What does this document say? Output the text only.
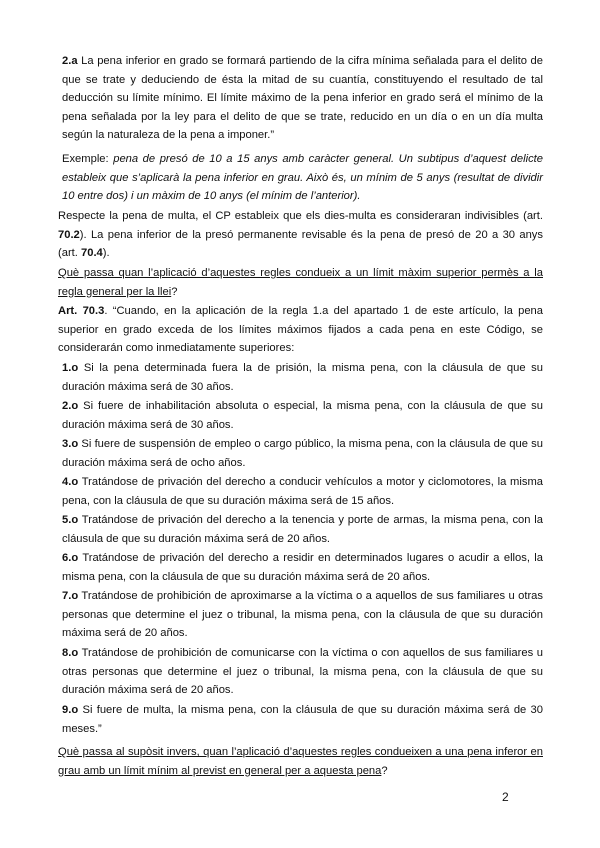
2.a La pena inferior en grado se formará partiendo de la cifra mínima señalada para el delito de que se trate y deduciendo de ésta la mitad de su cuantía, constituyendo el resultado de tal deducción su límite mínimo. El límite máximo de la pena inferior en grado será el mínimo de la pena señalada por la ley para el delito de que se trate, reducido en un día o en un día multa según la naturaleza de la pena a imponer.”

Exemple: pena de presó de 10 a 15 anys amb caràcter general. Un subtipus d’aquest delicte estableix que s’aplicarà la pena inferior en grau. Això és, un mínim de 5 anys (resultat de dividir 10 entre dos) i un màxim de 10 anys (el mínim de l’anterior).

Respecte la pena de multa, el CP estableix que els dies-multa es consideraran indivisibles (art. 70.2). La pena inferior de la presó permanente revisable és la pena de presó de 20 a 30 anys (art. 70.4).

Què passa quan l’aplicació d’aquestes regles condueix a un límit màxim superior permès a la regla general per la llei?

Art. 70.3. “Cuando, en la aplicación de la regla 1.a del apartado 1 de este artículo, la pena superior en grado exceda de los límites máximos fijados a cada pena en este Código, se considerarán como inmediatamente superiores:

1.o Si la pena determinada fuera la de prisión, la misma pena, con la cláusula de que su duración máxima será de 30 años.

2.o Si fuere de inhabilitación absoluta o especial, la misma pena, con la cláusula de que su duración máxima será de 30 años.

3.o Si fuere de suspensión de empleo o cargo público, la misma pena, con la cláusula de que su duración máxima será de ocho años.

4.o Tratándose de privación del derecho a conducir vehículos a motor y ciclomotores, la misma pena, con la cláusula de que su duración máxima será de 15 años.

5.o Tratándose de privación del derecho a la tenencia y porte de armas, la misma pena, con la cláusula de que su duración máxima será de 20 años.

6.o Tratándose de privación del derecho a residir en determinados lugares o acudir a ellos, la misma pena, con la cláusula de que su duración máxima será de 20 años.

7.o Tratándose de prohibición de aproximarse a la víctima o a aquellos de sus familiares u otras personas que determine el juez o tribunal, la misma pena, con la cláusula de que su duración máxima será de 20 años.

8.o Tratándose de prohibición de comunicarse con la víctima o con aquellos de sus familiares u otras personas que determine el juez o tribunal, la misma pena, con la cláusula de que su duración máxima será de 20 años.

9.o Si fuere de multa, la misma pena, con la cláusula de que su duración máxima será de 30 meses.”

Què passa al supòsit invers, quan l’aplicació d’aquestes regles condueixen a una pena inferor en grau amb un límit mínim al previst en general per a aquesta pena?

2
